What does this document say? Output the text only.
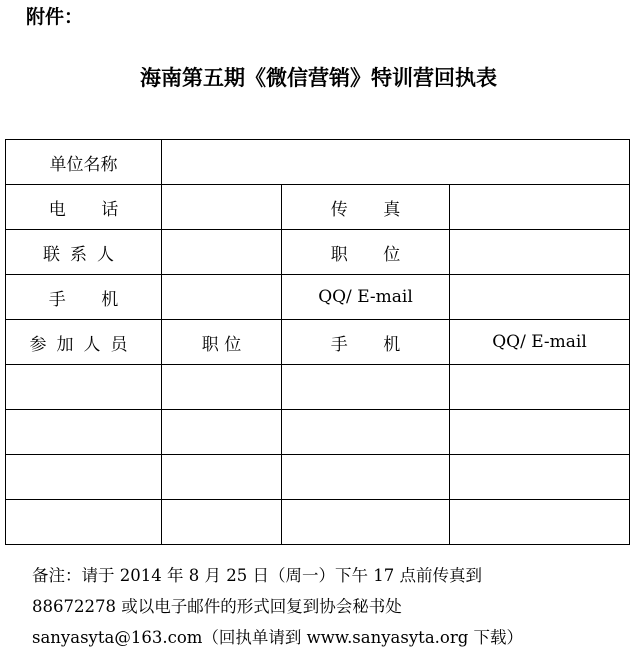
附件：
海南第五期《微信营销》特训营回执表
单位名称			
电 话		传 真	
联系人		职 位	
手 机		QQ/ E-mail	
参加人员	职 位	手 机	QQ/ E-mail

备注：请于 2014 年 8 月 25 日（周一）下午 17 点前传真到

88672278 或以电子邮件的形式回复到协会秘书处

sanyasyta@163.com（回执单请到 www.sanyasyta.org 下载）
